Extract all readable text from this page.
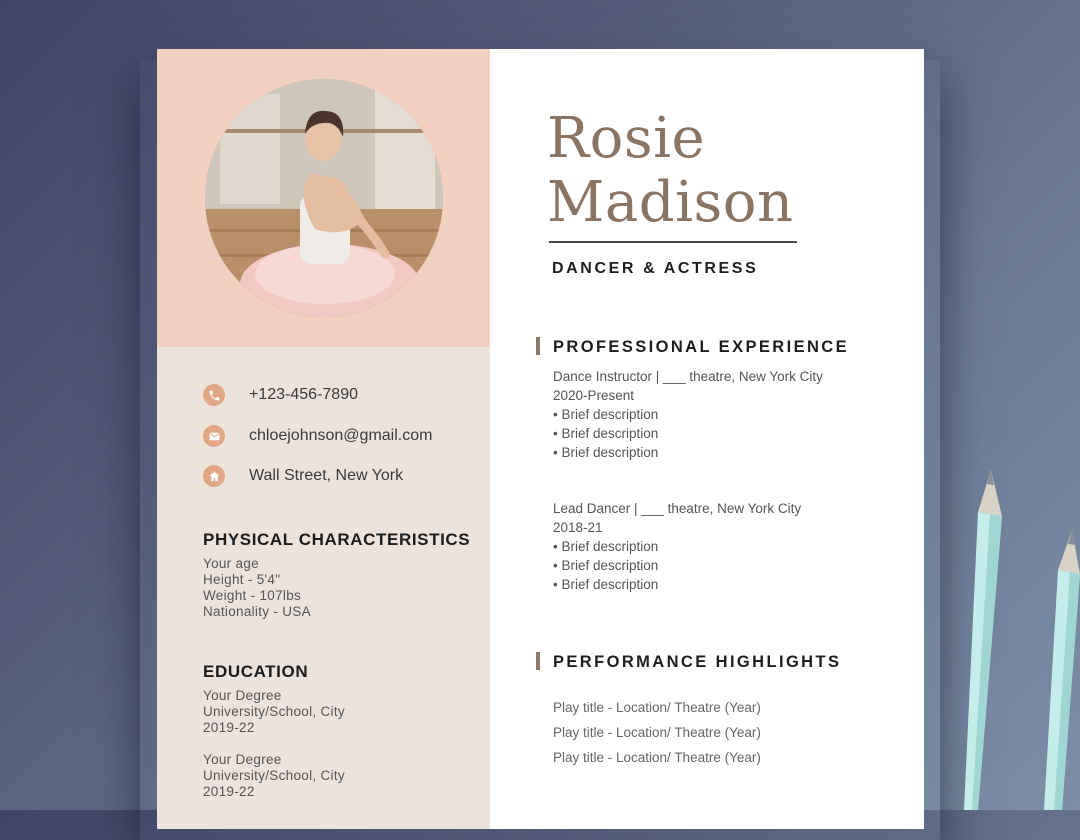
+123-456-7890
chloejohnson@gmail.com
Wall Street, New York
PHYSICAL CHARACTERISTICS
Your age
Height - 5'4"
Weight - 107lbs
Nationality - USA
EDUCATION
Your Degree
University/School, City
2019-22
Your Degree
University/School, City
2019-22
Rosie
Madison
DANCER & ACTRESS
PROFESSIONAL EXPERIENCE
Dance Instructor | ___ theatre, New York City
2020-Present
• Brief description
• Brief description
• Brief description
Lead Dancer | ___ theatre, New York City
2018-21
• Brief description
• Brief description
• Brief description
PERFORMANCE HIGHLIGHTS
Play title - Location/ Theatre (Year)
Play title - Location/ Theatre (Year)
Play title - Location/ Theatre (Year)
